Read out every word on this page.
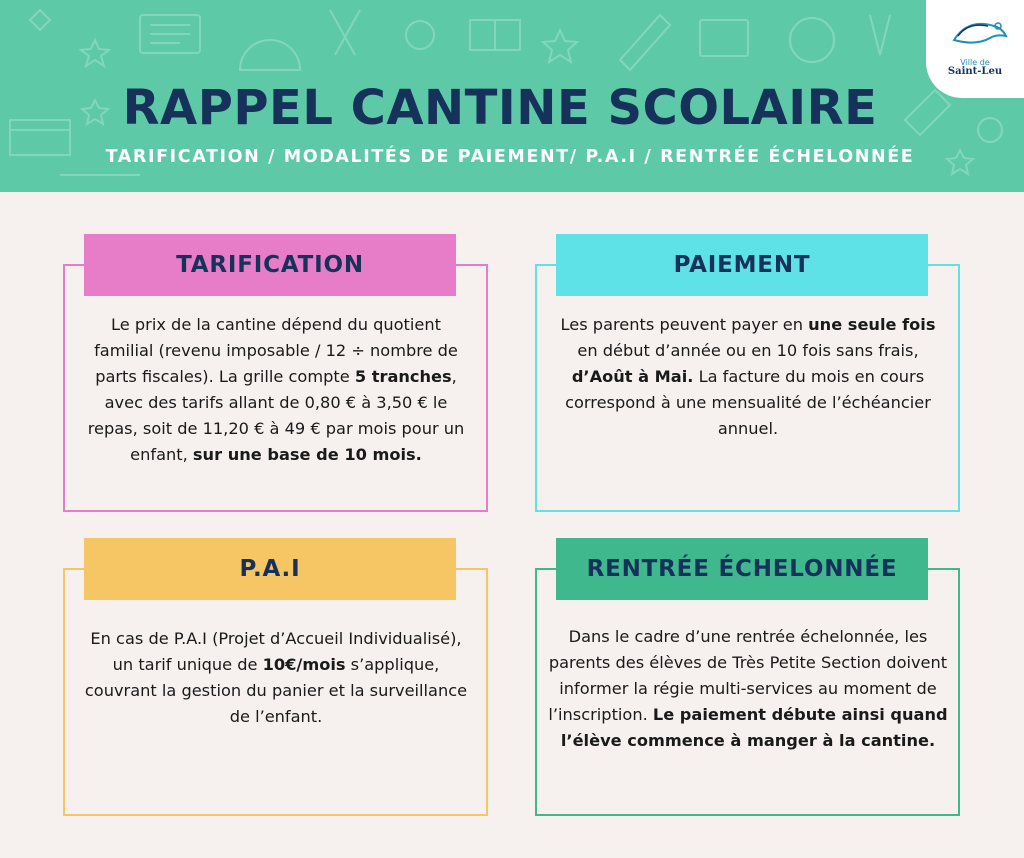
RAPPEL CANTINE SCOLAIRE
TARIFICATION / MODALITÉS DE PAIEMENT/ P.A.I / RENTRÉE ÉCHELONNÉE
Ville de
Saint-Leu
TARIFICATION
Le prix de la cantine dépend du quotient familial (revenu imposable / 12 ÷ nombre de parts fiscales). La grille compte 5 tranches, avec des tarifs allant de 0,80 € à 3,50 € le repas, soit de 11,20 € à 49 € par mois pour un enfant, sur une base de 10 mois.
PAIEMENT
Les parents peuvent payer en une seule fois en début d’année ou en 10 fois sans frais, d’Août à Mai. La facture du mois en cours correspond à une mensualité de l’échéancier annuel.
P.A.I
En cas de P.A.I (Projet d’Accueil Individualisé), un tarif unique de 10€/mois s’applique, couvrant la gestion du panier et la surveillance de l’enfant.
RENTRÉE ÉCHELONNÉE
Dans le cadre d’une rentrée échelonnée, les parents des élèves de Très Petite Section doivent informer la régie multi-services au moment de l’inscription. Le paiement débute ainsi quand l’élève commence à manger à la cantine.
